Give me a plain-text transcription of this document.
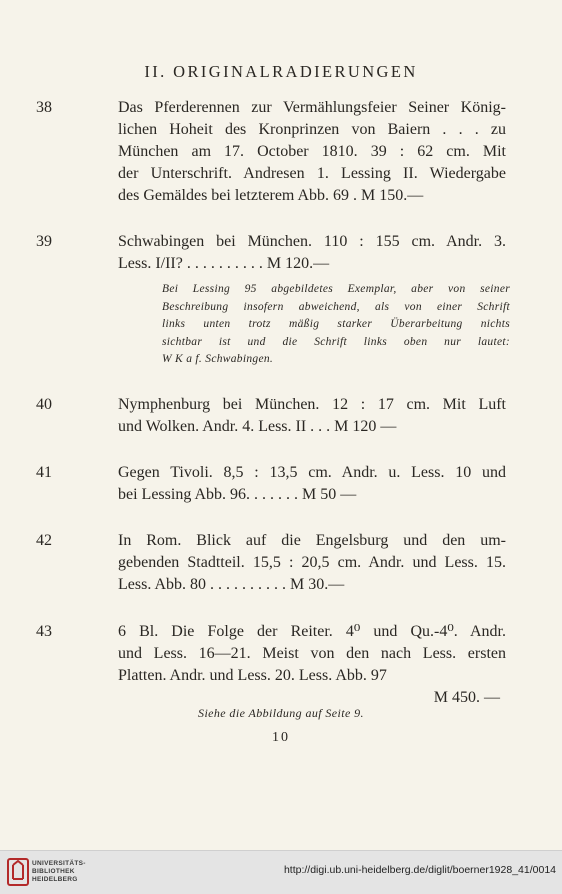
II. ORIGINALRADIERUNGEN
38	Das Pferderennen zur Vermählungsfeier Seiner König-
lichen Hoheit des Kronprinzen von Baiern . . . zu
München am 17. October 1810. 39 : 62 cm. Mit
der Unterschrift. Andresen 1. Lessing II. Wiedergabe
des Gemäldes bei letzterem Abb. 69 . M 150.—
39	Schwabingen bei München. 110 : 155 cm. Andr. 3.
Less. I/II? . . . . . . . . . . M 120.—
Bei Lessing 95 abgebildetes Exemplar, aber von seiner
Beschreibung insofern abweichend, als von einer Schrift
links unten trotz mäßig starker Überarbeitung nichts
sichtbar ist und die Schrift links oben nur lautet:
W K a f. Schwabingen.
40	Nymphenburg bei München. 12 : 17 cm. Mit Luft
und Wolken. Andr. 4. Less. II . . . M 120 —
41	Gegen Tivoli. 8,5 : 13,5 cm. Andr. u. Less. 10 und
bei Lessing Abb. 96. . . . . . . M 50 —
42	In Rom. Blick auf die Engelsburg und den um-
gebenden Stadtteil. 15,5 : 20,5 cm. Andr. und Less. 15.
Less. Abb. 80 . . . . . . . . . . M 30.—
43	6 Bl. Die Folge der Reiter. 4⁰ und Qu.-4⁰. Andr.
und Less. 16—21. Meist von den nach Less. ersten
Platten. Andr. und Less. 20. Less. Abb. 97
M 450. —
Siehe die Abbildung auf Seite 9.
10
UNIVERSITÄTS-
BIBLIOTHEK
HEIDELBERG
http://digi.ub.uni-heidelberg.de/diglit/boerner1928_41/0014
